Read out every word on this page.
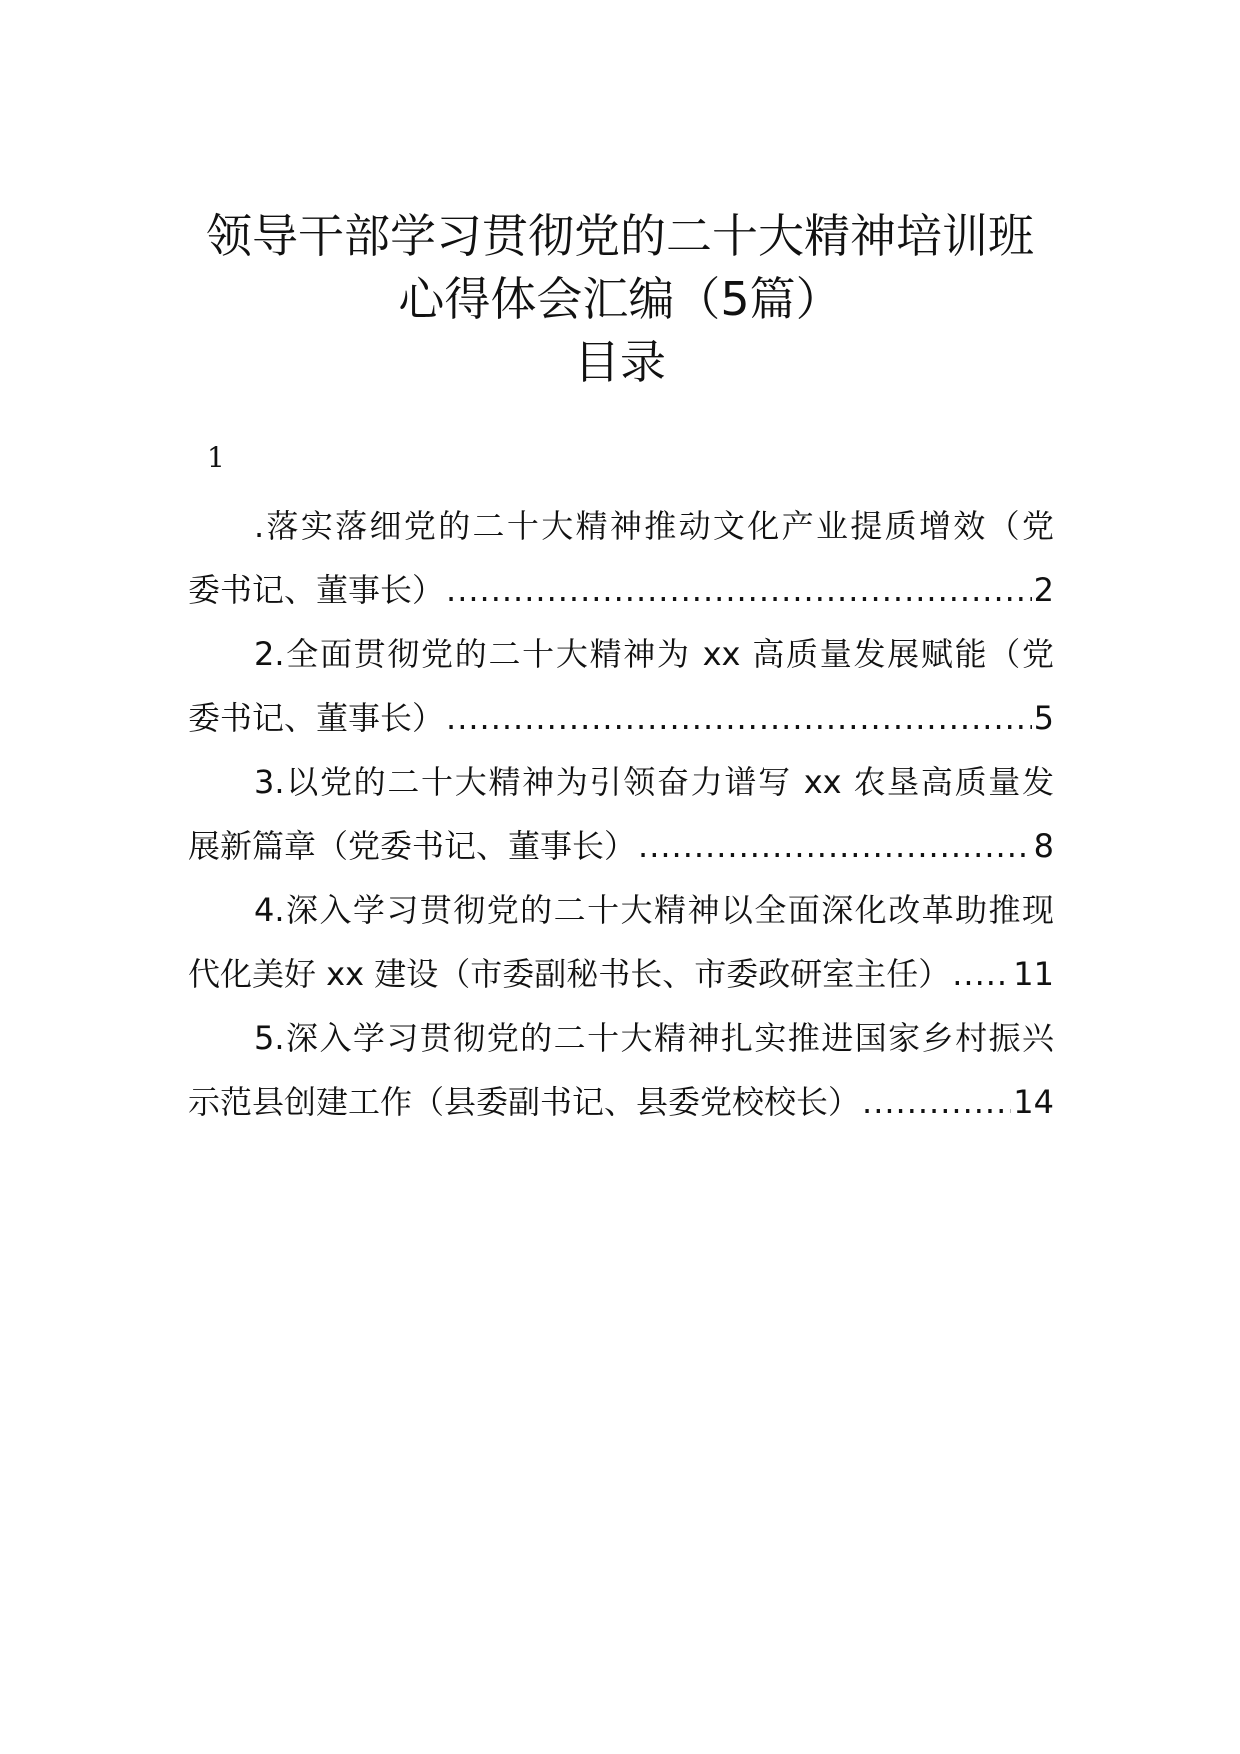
领导干部学习贯彻党的二十大精神培训班
心得体会汇编（5篇）
目录
1
.落实落细党的二十大精神推动文化产业提质增效（党
委书记、董事长） .....	2
2.全面贯彻党的二十大精神为 xx 高质量发展赋能（党
委书记、董事长） .....	5
3.以党的二十大精神为引领奋力谱写 xx 农垦高质量发
展新篇章（党委书记、董事长） .....	8
4.深入学习贯彻党的二十大精神以全面深化改革助推现
代化美好 xx 建设（市委副秘书长、市委政研室主任） ..... 11
5.深入学习贯彻党的二十大精神扎实推进国家乡村振兴
示范县创建工作（县委副书记、县委党校校长） .....	14
